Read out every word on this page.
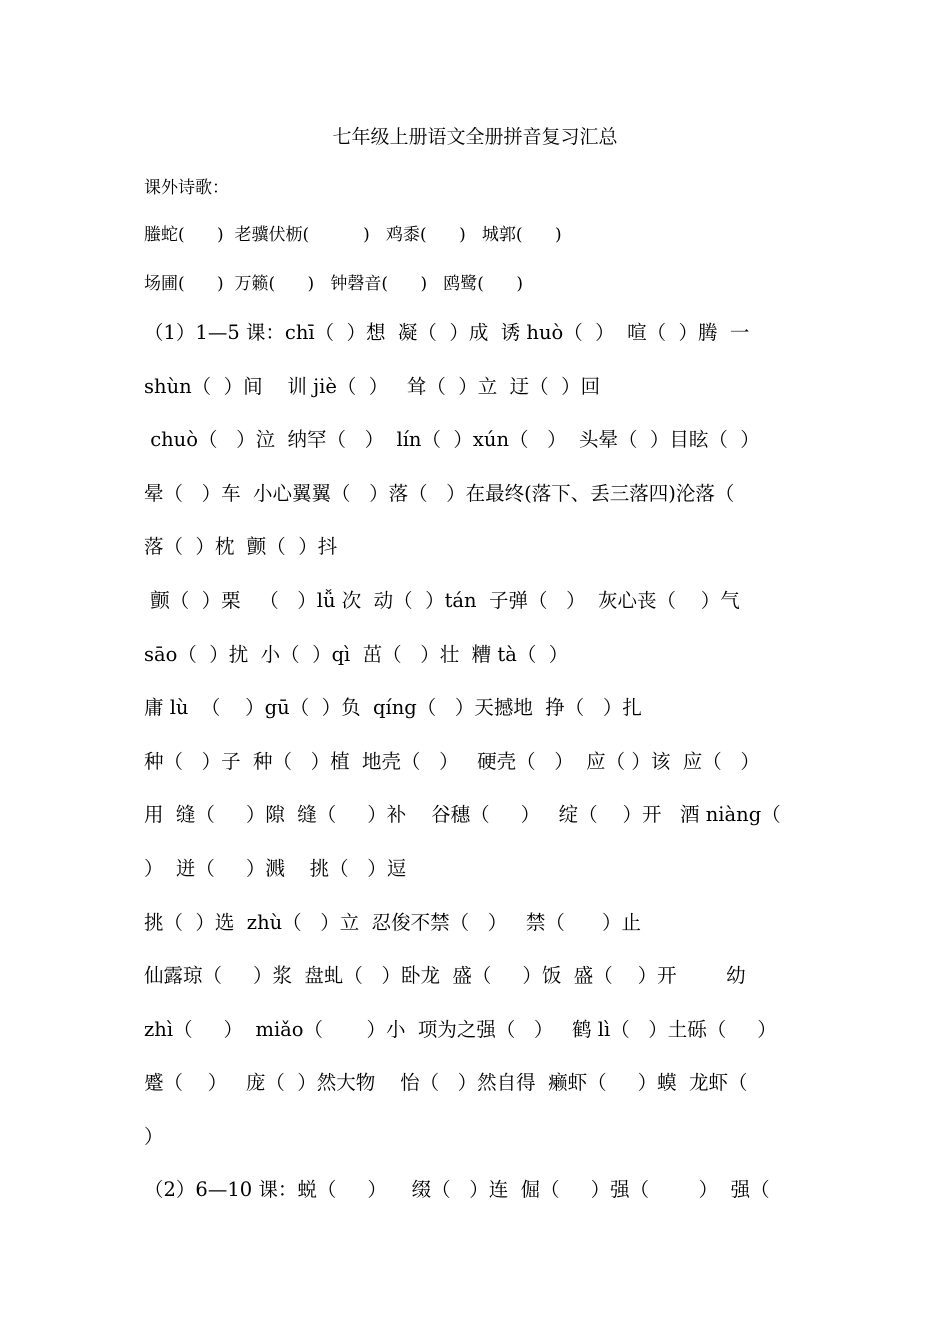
七年级上册语文全册拼音复习汇总
课外诗歌：
螣蛇(      )  老骥伏枥(          )   鸡黍(      )   城郭(      )
场圃(      )  万籁(      )   钟磬音(      )   鸥鹭(      )
（1）1—5 课：chī（  ）想  凝（  ）成  诱 huò（  ）  喧（  ）腾  一
shùn（  ）间    训 jiè（  ）   耸（  ）立  迂（  ）回
chuò（   ）泣  纳罕（   ）  lín（  ）xún（   ）  头晕（  ）目眩（  ）
晕（   ）车  小心翼翼（   ）落（   ）在最终(落下、丢三落四)沦落（
落（  ）枕  颤（  ）抖
颤（  ）栗   （   ）lǚ 次  动（  ）tán  子弹（   ）  灰心丧（    ）气
sāo（  ）扰  小（  ）qì  茁（   ）壮  糟 tà（  ）
庸 lù  （    ）gū（  ）负  qíng（   ）天撼地  挣（   ）扎
种（   ）子  种（   ）植  地壳（   ）   硬壳（   ）  应（ ）该  应（   ）
用  缝（     ）隙  缝（     ）补    谷穗（     ）   绽（    ）开   酒 niàng（
）  迸（     ）溅    挑（   ）逗
挑（  ）选  zhù（   ）立  忍俊不禁（   ）   禁（      ）止
仙露琼（     ）浆  盘虬（   ）卧龙  盛（     ）饭  盛（    ）开        幼
zhì（     ）  miǎo（       ）小  项为之强（   ）   鹤 lì（   ）土砾（     ）
蹙（    ）   庞（  ）然大物    怡（   ）然自得  癞虾（     ）蟆  龙虾（
）
（2）6—10 课：蜕（     ）    缀（   ）连  倔（     ）强（        ）  强（
